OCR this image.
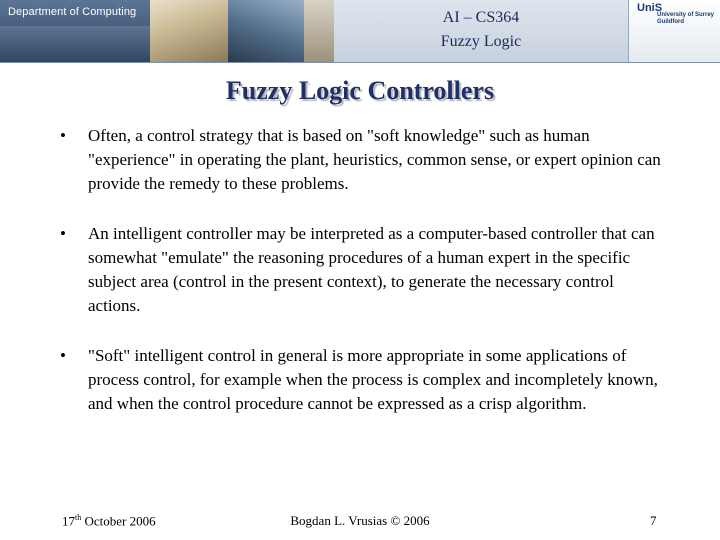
Department of Computing	AI – CS364
Fuzzy Logic
UniS
University of Surrey
Guildford
Fuzzy Logic Controllers
• Often, a control strategy that is based on "soft knowledge" such as human "experience" in operating the plant, heuristics, common sense, or expert opinion can provide the remedy to these problems.
• An intelligent controller may be interpreted as a computer-based controller that can somewhat "emulate" the reasoning procedures of a human expert in the specific subject area (control in the present context), to generate the necessary control actions.
• "Soft" intelligent control in general is more appropriate in some applications of process control, for example when the process is complex and incompletely known, and when the control procedure cannot be expressed as a crisp algorithm.
17th October 2006	Bogdan L. Vrusias © 2006	7
